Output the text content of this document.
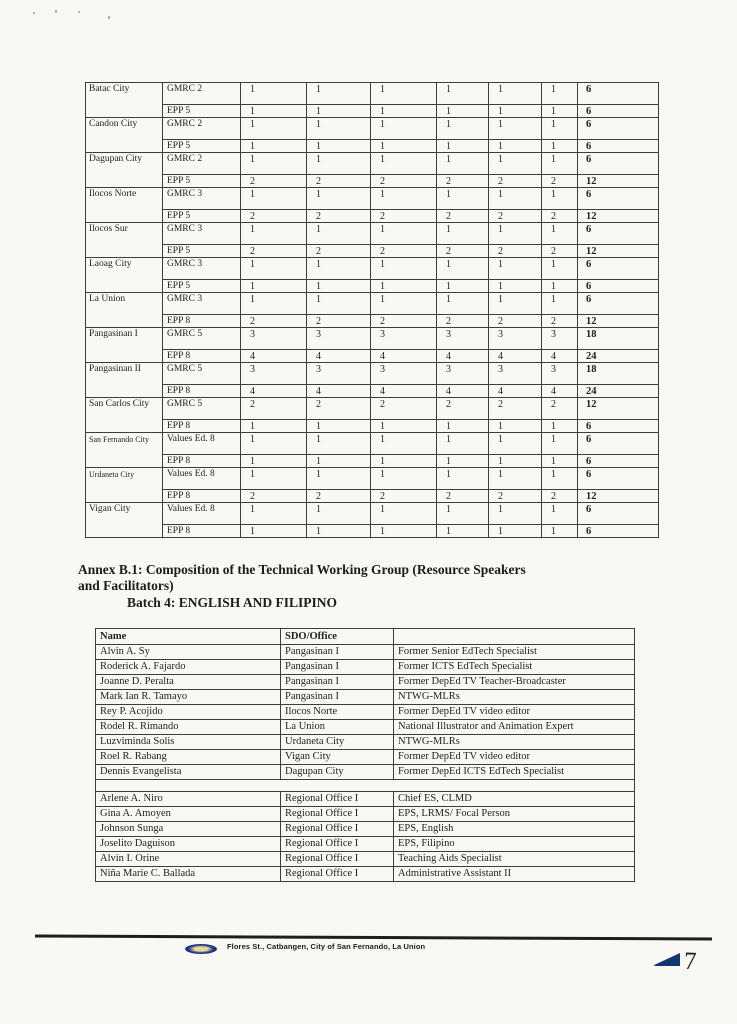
Batac City	GMRC 2	1	1	1	1	1	1	6
	EPP 5	1	1	1	1	1	1	6
Candon City	GMRC 2	1	1	1	1	1	1	6
	EPP 5	1	1	1	1	1	1	6
Dagupan City	GMRC 2	1	1	1	1	1	1	6
	EPP 5	2	2	2	2	2	2	12
Ilocos Norte	GMRC 3	1	1	1	1	1	1	6
	EPP 5	2	2	2	2	2	2	12
Ilocos Sur	GMRC 3	1	1	1	1	1	1	6
	EPP 5	2	2	2	2	2	2	12
Laoag City	GMRC 3	1	1	1	1	1	1	6
	EPP 5	1	1	1	1	1	1	6
La Union	GMRC 3	1	1	1	1	1	1	6
	EPP 8	2	2	2	2	2	2	12
Pangasinan I	GMRC 5	3	3	3	3	3	3	18
	EPP 8	4	4	4	4	4	4	24
Pangasinan II	GMRC 5	3	3	3	3	3	3	18
	EPP 8	4	4	4	4	4	4	24
San Carlos City	GMRC 5	2	2	2	2	2	2	12
	EPP 8	1	1	1	1	1	1	6
San Fernando City	Values Ed. 8	1	1	1	1	1	1	6
	EPP 8	1	1	1	1	1	1	6
Urdaneta City	Values Ed. 8	1	1	1	1	1	1	6
	EPP 8	2	2	2	2	2	2	12
Vigan City	Values Ed. 8	1	1	1	1	1	1	6
	EPP 8	1	1	1	1	1	1	6
Annex B.1: Composition of the Technical Working Group (Resource Speakers
and Facilitators)
Batch 4: ENGLISH AND FILIPINO
Name	SDO/Office	
Alvin A. Sy	Pangasinan I	Former Senior EdTech Specialist
Roderick A. Fajardo	Pangasinan I	Former ICTS EdTech Specialist
Joanne D. Peralta	Pangasinan I	Former DepEd TV Teacher-Broadcaster
Mark Ian R. Tamayo	Pangasinan I	NTWG-MLRs
Rey P. Acojido	Ilocos Norte	Former DepEd TV video editor
Rodel R. Rimando	La Union	National Illustrator and Animation Expert
Luzviminda Solis	Urdaneta City	NTWG-MLRs
Roel R. Rabang	Vigan City	Former DepEd TV video editor
Dennis Evangelista	Dagupan City	Former DepEd ICTS EdTech Specialist

Arlene A. Niro	Regional Office I	Chief ES, CLMD
Gina A. Amoyen	Regional Office I	EPS, LRMS/ Focal Person
Johnson Sunga	Regional Office I	EPS, English
Joselito Daguison	Regional Office I	EPS, Filipino
Alvin I. Orine	Regional Office I	Teaching Aids Specialist
Niña Marie C. Ballada	Regional Office I	Administrative Assistant II
Flores St., Catbangen, City of San Fernando, La Union
7
